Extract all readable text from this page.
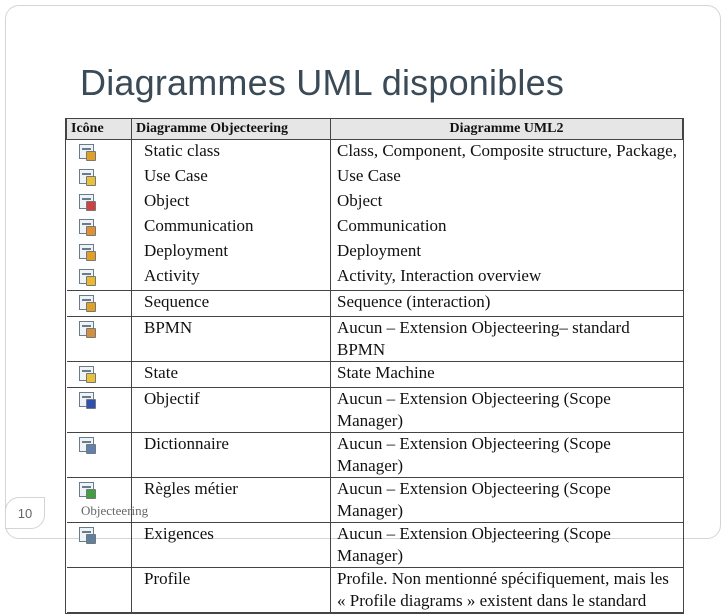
Diagrammes UML disponibles
Icône	Diagramme Objecteering	Diagramme UML2

	Static class	Class, Component, Composite structure, Package,

	Use Case	Use Case

	Object	Object

	Communication	Communication

	Deployment	Deployment

	Activity	Activity, Interaction overview

	Sequence	Sequence (interaction)

	BPMN	Aucun – Extension Objecteering– standard BPMN

	State	State Machine

	Objectif	Aucun – Extension Objecteering (Scope Manager)

	Dictionnaire	Aucun – Extension Objecteering (Scope Manager)

	Règles métier	Aucun – Extension Objecteering (Scope Manager)

	Exigences	Aucun – Extension Objecteering (Scope Manager)
	Profile	Profile. Non mentionné spécifiquement, mais les
		« Profile diagrams » existent dans le standard
10	Objecteering
